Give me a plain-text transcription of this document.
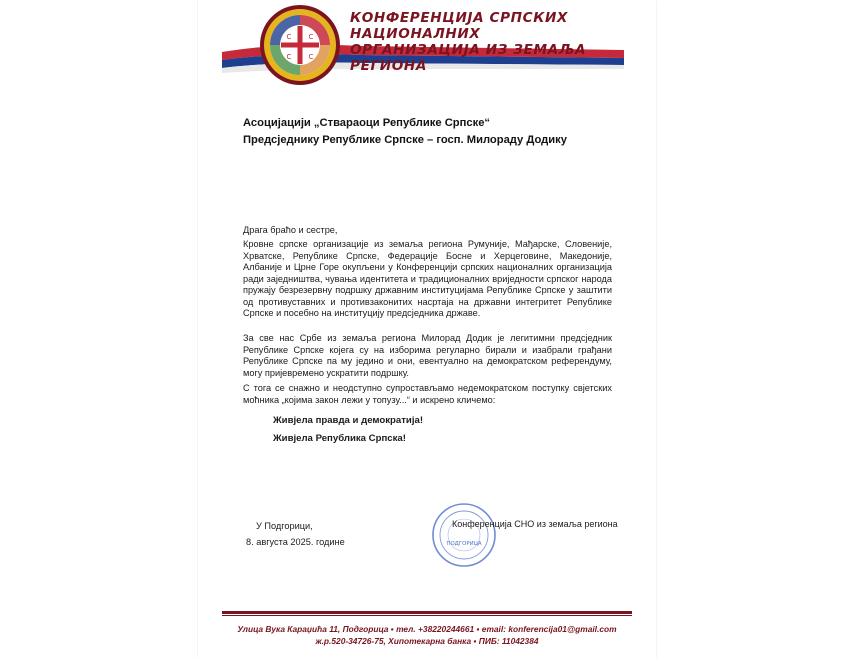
С С
С С
КОНФЕРЕНЦИЈА СРПСКИХ НАЦИОНАЛНИХ
ОРГАНИЗАЦИЈА ИЗ ЗЕМАЉА РЕГИОНА
Асоцијацији „Ствараоци Републике Српске“
Предсједнику Републике Српске – госп. Милораду Додику
Драга браћо и сестре,
Кровне српске организације из земаља региона Румуније, Мађарске, Словеније, Хрватске, Републике Српске, Федерације Босне и Херцеговине, Македоније, Албаније и Црне Горе окупљени у Конференцији српских националних организација ради заједништва, чувања идентитета и традиционалних вриједности српског народа пружају безрезервну подршку државним институцијама Републике Српске у заштити од противуставних и противзаконитих насртаја на државни интегритет Републике Српске и посебно на институцију предсједника државе.
За све нас Србе из земаља региона Милорад Додик је легитимни предсједник Републике Српске којега су на изборима регуларно бирали и изабрали грађани Републике Српске па му једино и они, евентуално на демократском референдуму, могу пријевремено ускратити подршку.
С тога се снажно и неодступно супростављамо недемократском поступку свјетских моћника „којима закон лежи у топузу...“ и искрено кличемо:
Живјела правда и демократија!
Живјела Република Српска!
У Подгорици,
8. августа 2025. године	ПОДГОРИЦА
Конференција СНО из земаља региона
Улица Вука Караџића 11, Подгорица ▪ тел. +38220244661 ▪ email: konferencija01@gmail.com
ж.р.520-34726-75, Хипотекарна банка ▪ ПИБ: 11042384
